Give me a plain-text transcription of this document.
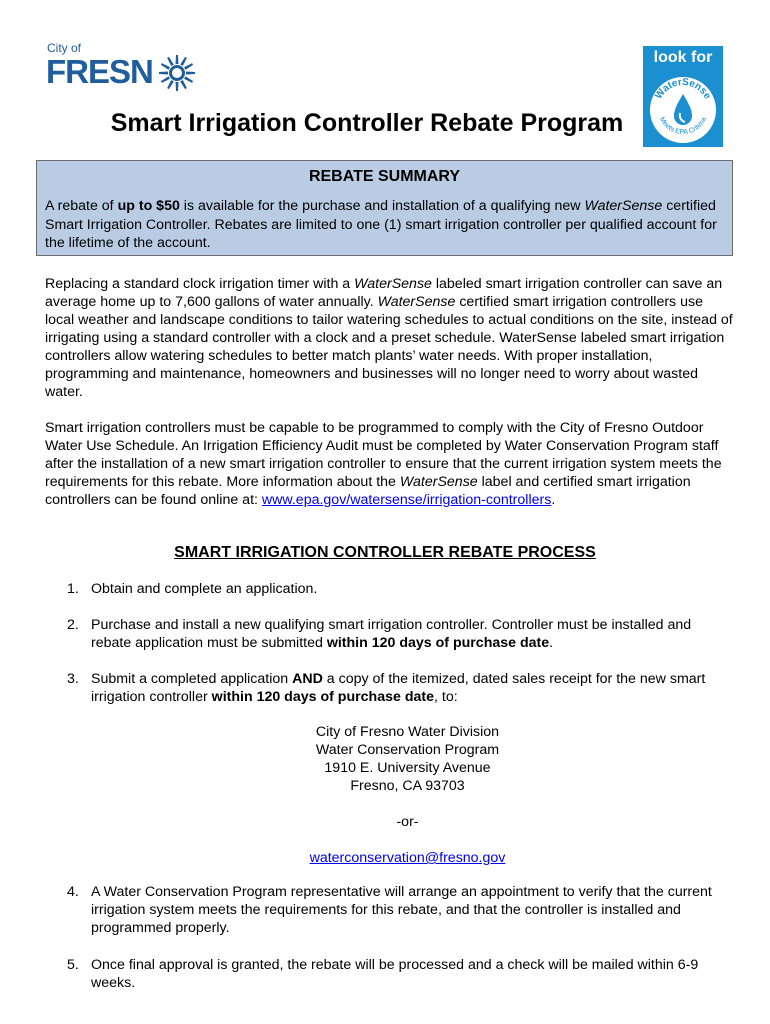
City of
FRESN	look for
WaterSense
Meets EPA Criteria
Smart Irrigation Controller Rebate Program
REBATE SUMMARY
A rebate of up to $50 is available for the purchase and installation of a qualifying new WaterSense certified Smart Irrigation Controller. Rebates are limited to one (1) smart irrigation controller per qualified account for the lifetime of the account.
Replacing a standard clock irrigation timer with a WaterSense labeled smart irrigation controller can save an average home up to 7,600 gallons of water annually. WaterSense certified smart irrigation controllers use local weather and landscape conditions to tailor watering schedules to actual conditions on the site, instead of irrigating using a standard controller with a clock and a preset schedule. WaterSense labeled smart irrigation controllers allow watering schedules to better match plants’ water needs. With proper installation, programming and maintenance, homeowners and businesses will no longer need to worry about wasted water.
Smart irrigation controllers must be capable to be programmed to comply with the City of Fresno Outdoor Water Use Schedule. An Irrigation Efficiency Audit must be completed by Water Conservation Program staff after the installation of a new smart irrigation controller to ensure that the current irrigation system meets the requirements for this rebate. More information about the WaterSense label and certified smart irrigation controllers can be found online at: www.epa.gov/watersense/irrigation-controllers.
SMART IRRIGATION CONTROLLER REBATE PROCESS
1. Obtain and complete an application.
2. Purchase and install a new qualifying smart irrigation controller. Controller must be installed and rebate application must be submitted within 120 days of purchase date.
3. Submit a completed application AND a copy of the itemized, dated sales receipt for the new smart irrigation controller within 120 days of purchase date, to:
City of Fresno Water Division
Water Conservation Program
1910 E. University Avenue
Fresno, CA 93703
-or-
waterconservation@fresno.gov
4. A Water Conservation Program representative will arrange an appointment to verify that the current irrigation system meets the requirements for this rebate, and that the controller is installed and programmed properly.
5. Once final approval is granted, the rebate will be processed and a check will be mailed within 6-9 weeks.
